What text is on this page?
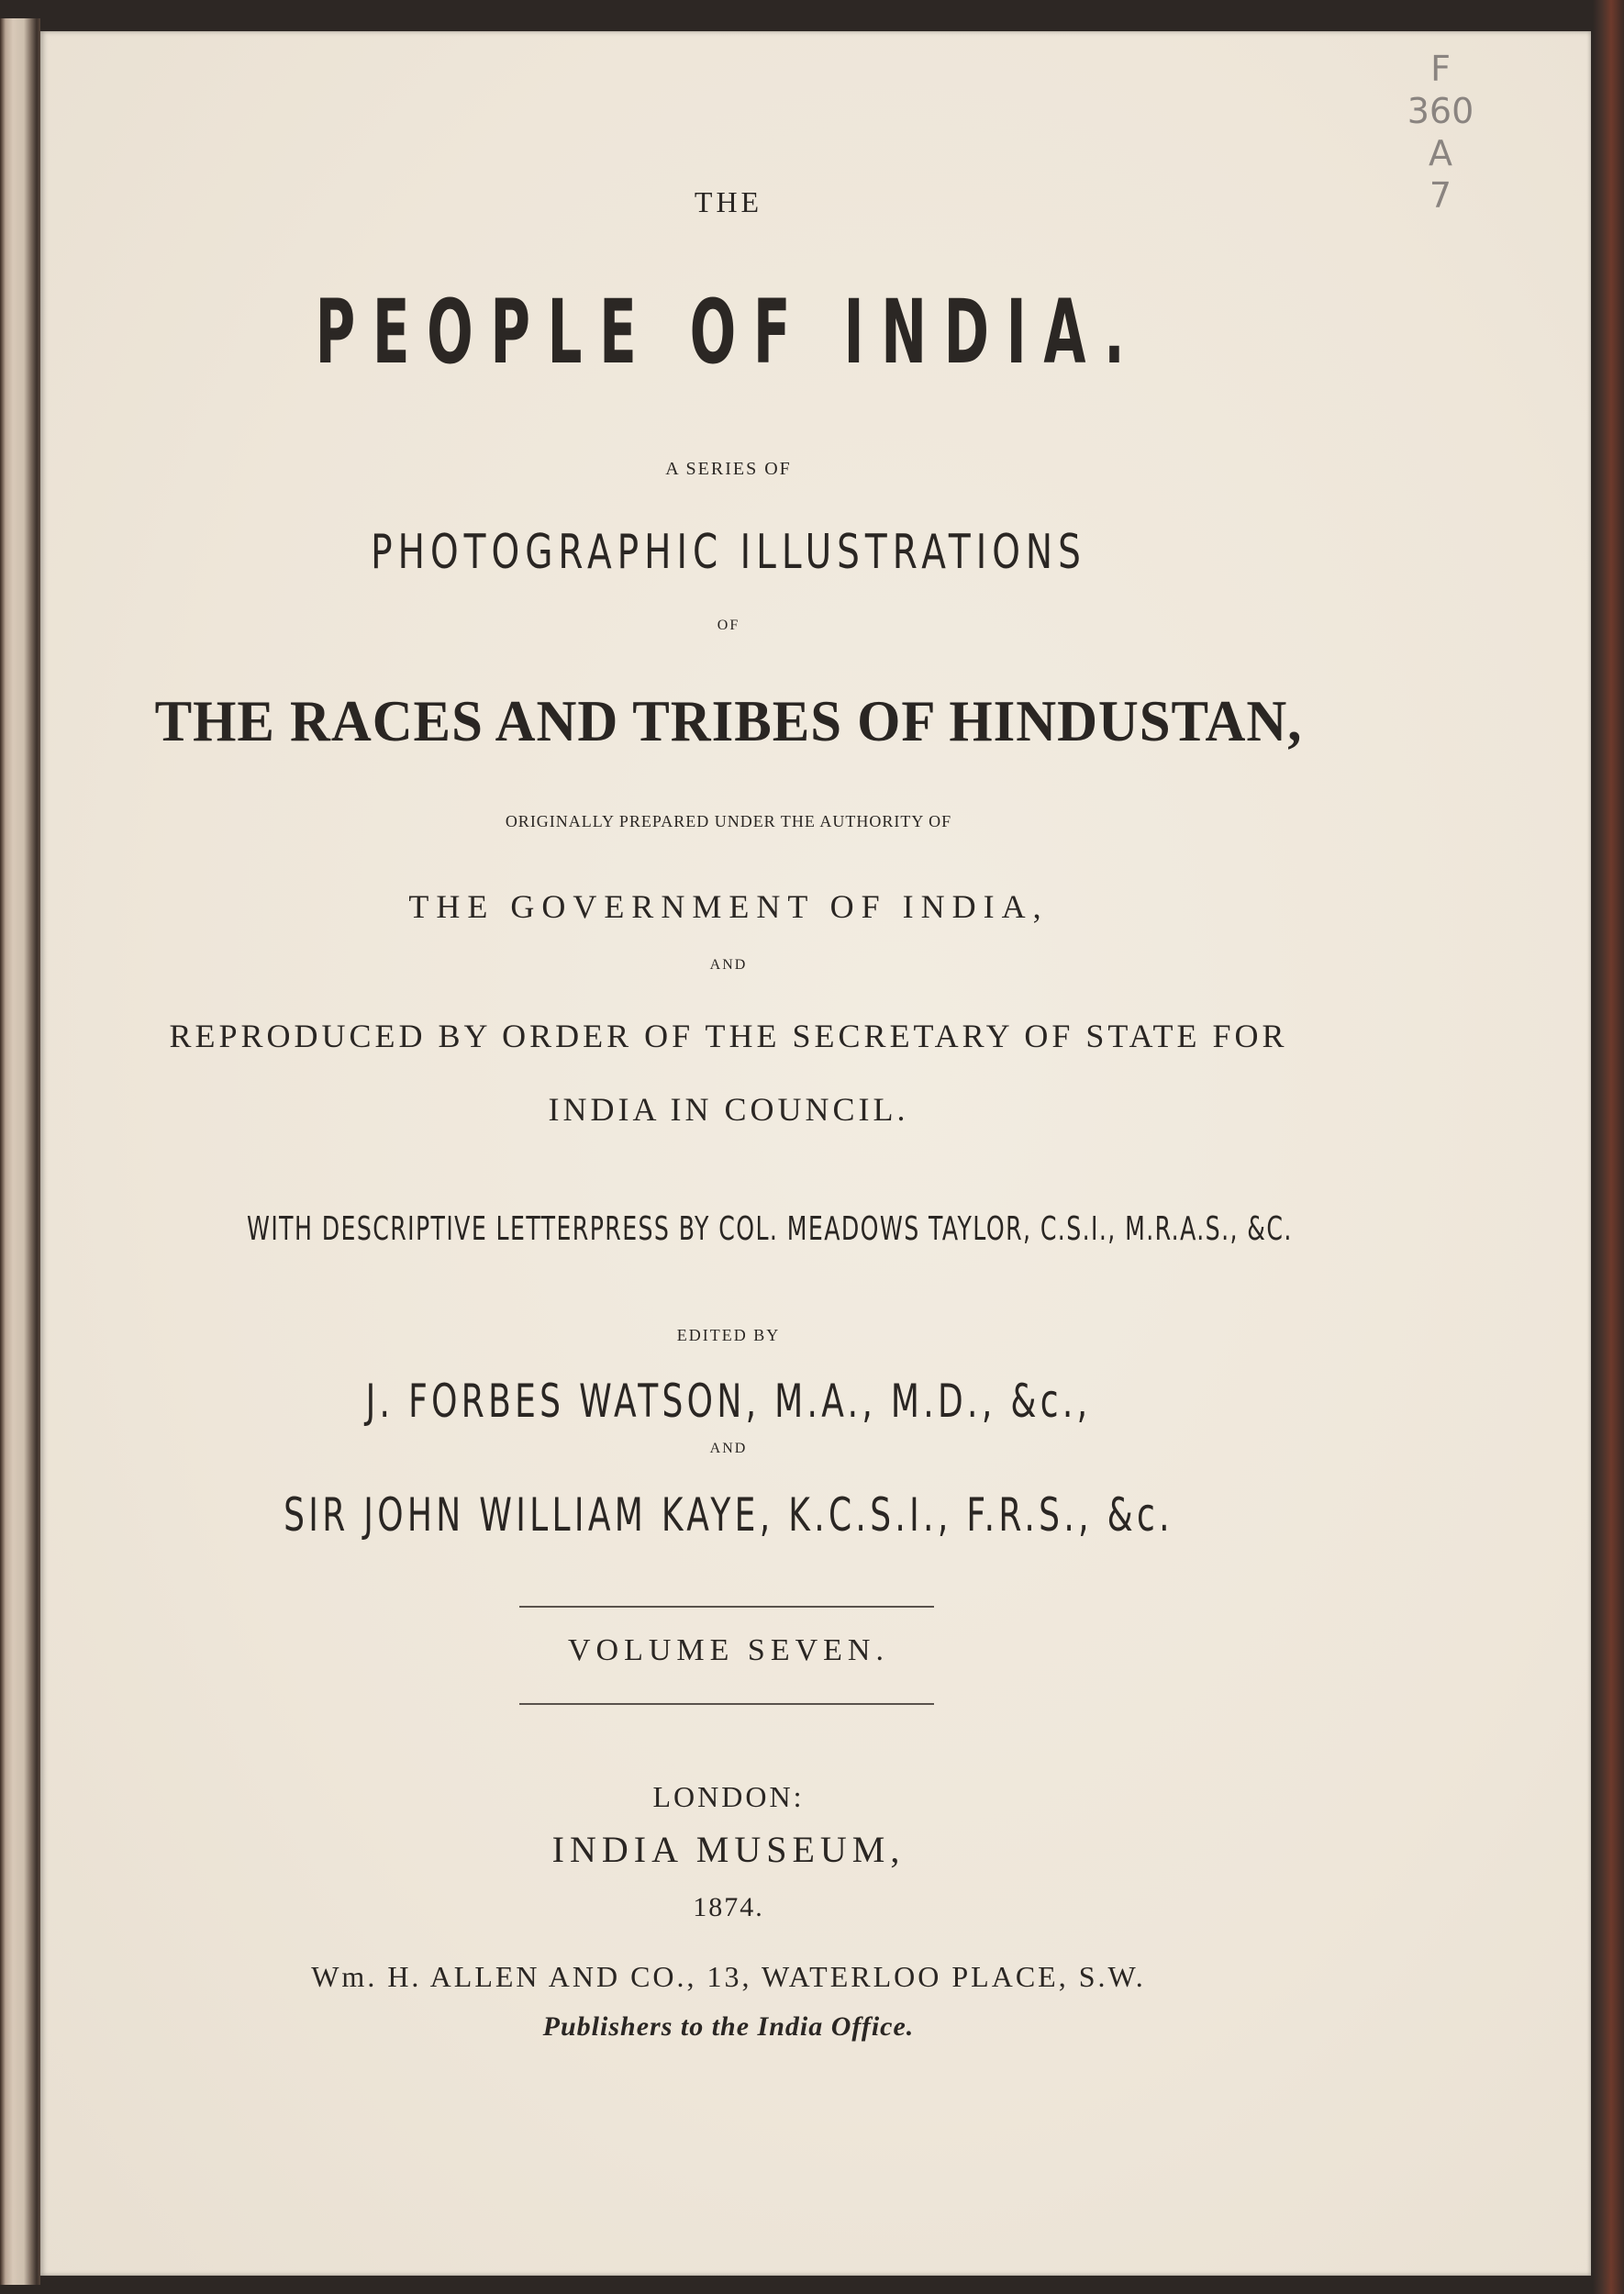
F
360
A
7
THE
PEOPLE OF INDIA.
A SERIES OF
PHOTOGRAPHIC ILLUSTRATIONS
OF
THE RACES AND TRIBES OF HINDUSTAN,
ORIGINALLY PREPARED UNDER THE AUTHORITY OF
THE GOVERNMENT OF INDIA,
AND
REPRODUCED BY ORDER OF THE SECRETARY OF STATE FOR
INDIA IN COUNCIL.
WITH DESCRIPTIVE LETTERPRESS BY COL. MEADOWS TAYLOR, C.S.I., M.R.A.S., &C.
EDITED BY
J. FORBES WATSON, M.A., M.D., &c.,
AND
SIR JOHN WILLIAM KAYE, K.C.S.I., F.R.S., &c.
VOLUME SEVEN.
LONDON:
INDIA MUSEUM,
1874.
Wm. H. ALLEN AND CO., 13, WATERLOO PLACE, S.W.
Publishers to the India Office.
